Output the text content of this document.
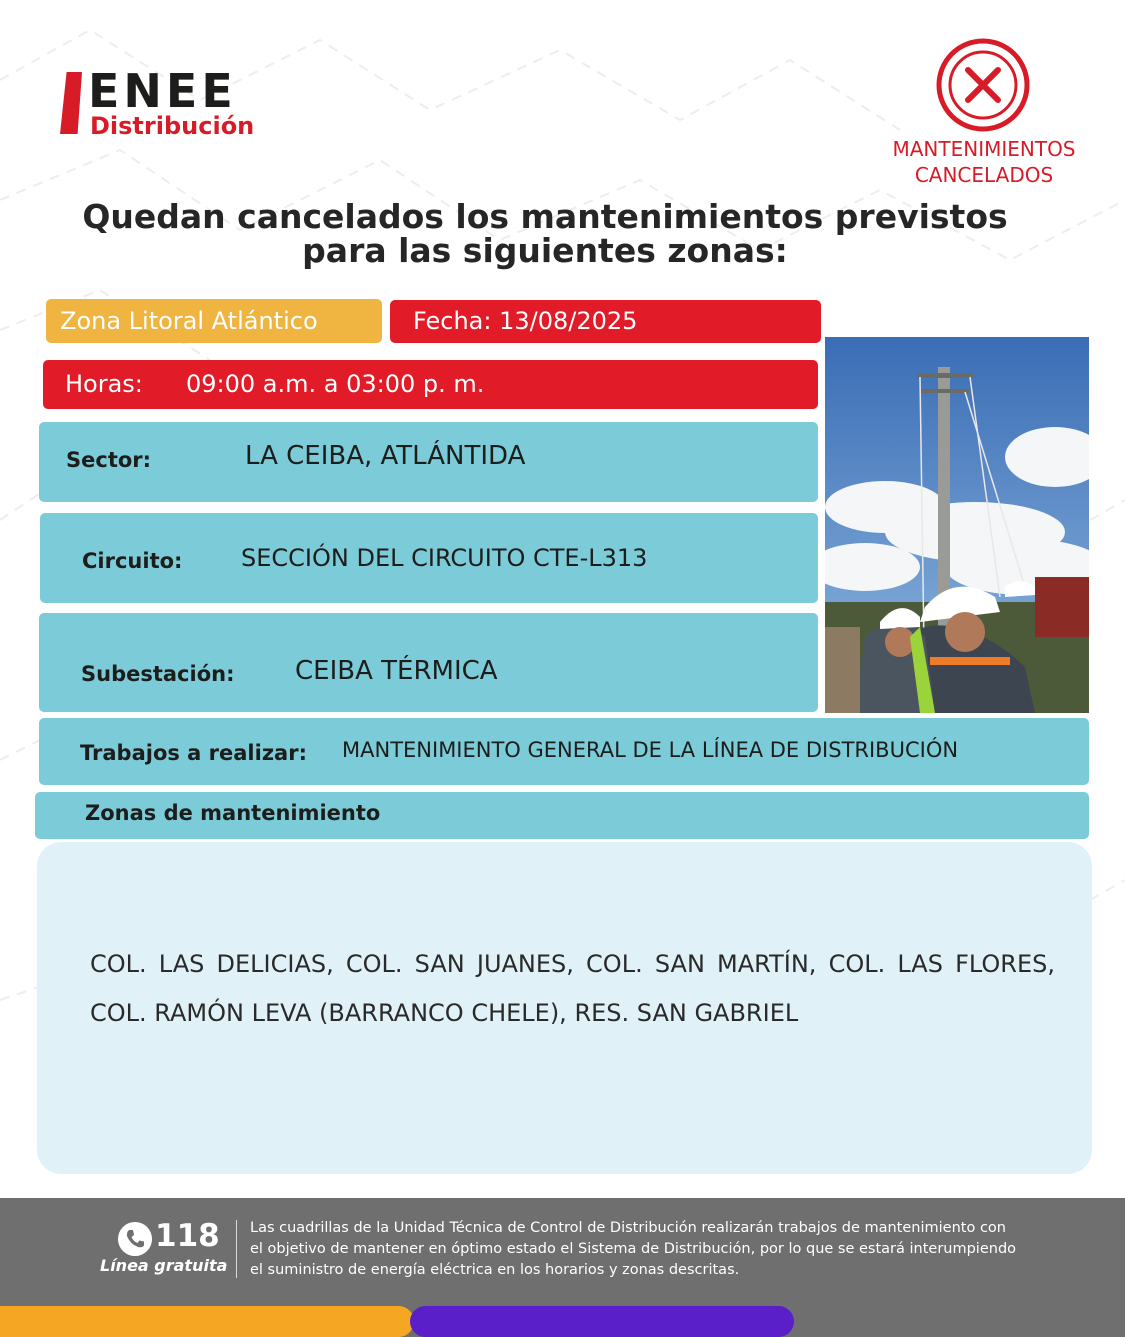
ENEE
Distribución
MANTENIMIENTOS
CANCELADOS
Quedan cancelados los mantenimientos previstos
para las siguientes zonas:
Zona Litoral Atlántico	Fecha: 13/08/2025
Horas: 09:00 a.m. a 03:00 p. m.
Sector:	LA CEIBA, ATLÁNTIDA
Circuito: SECCIÓN DEL CIRCUITO CTE-L313
Subestación: CEIBA TÉRMICA
Trabajos a realizar: MANTENIMIENTO GENERAL DE LA LÍNEA DE DISTRIBUCIÓN
Zonas de mantenimiento
COL. LAS DELICIAS, COL. SAN JUANES, COL. SAN MARTÍN, COL. LAS FLORES, COL. RAMÓN LEVA (BARRANCO CHELE), RES. SAN GABRIEL
118
Línea gratuita
Las cuadrillas de la Unidad Técnica de Control de Distribución realizarán trabajos de mantenimiento con
el objetivo de mantener en óptimo estado el Sistema de Distribución, por lo que se estará interumpiendo
el suministro de energía eléctrica en los horarios y zonas descritas.
